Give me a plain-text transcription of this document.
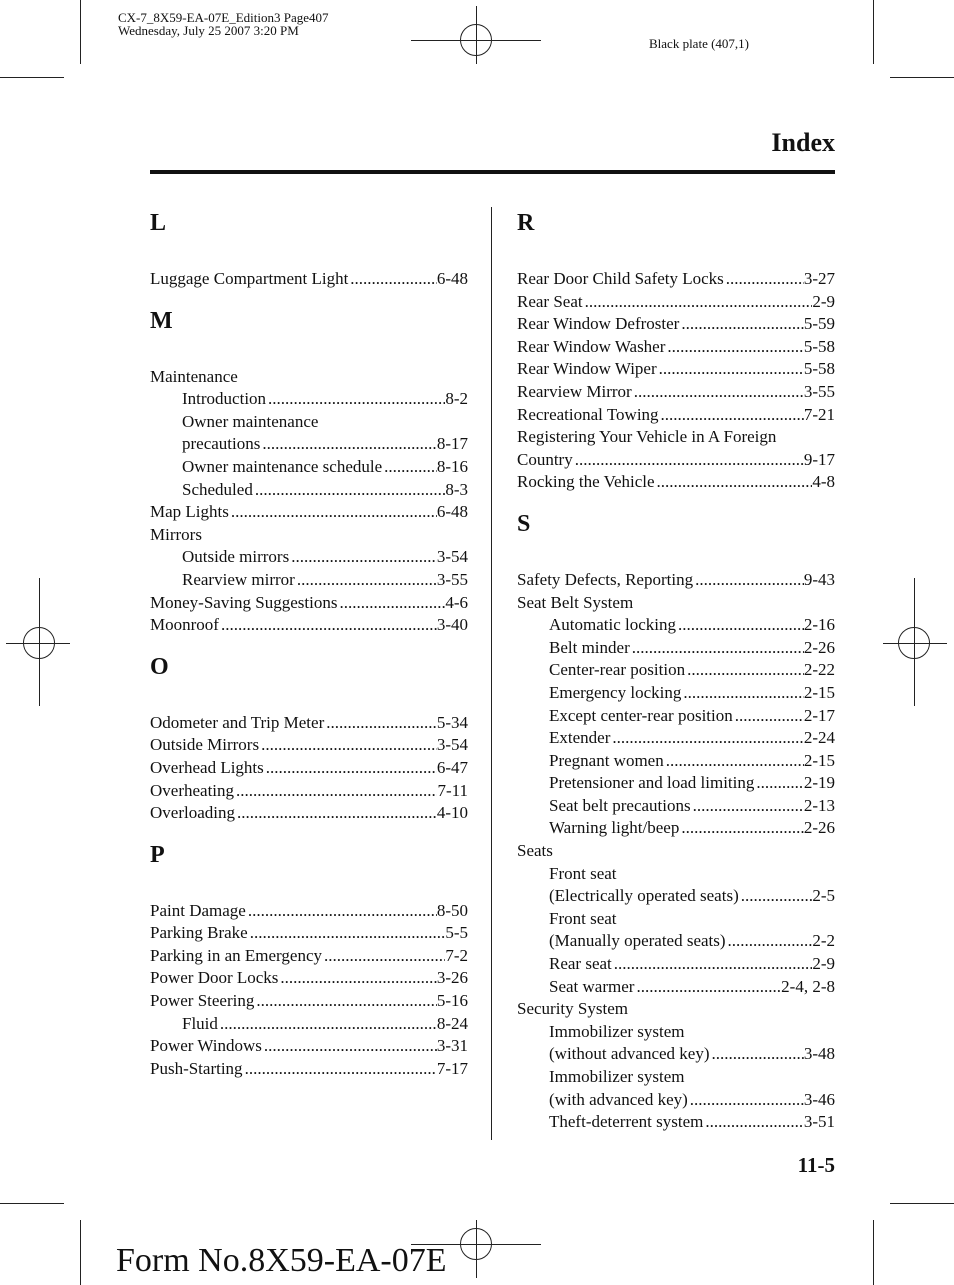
CX-7_8X59-EA-07E_Edition3 Page407
Wednesday, July 25 2007 3:20 PM
Black plate (407,1)
Index
L
Luggage Compartment Light .....	6-48
M
Maintenance
Introduction .....	8-2
Owner maintenance
precautions .....	8-17
Owner maintenance schedule .....	8-16
Scheduled .....	8-3
Map Lights .....	6-48
Mirrors
Outside mirrors .....	3-54
Rearview mirror .....	3-55
Money-Saving Suggestions .....	4-6
Moonroof .....	3-40
O
Odometer and Trip Meter .....	5-34
Outside Mirrors .....	3-54
Overhead Lights .....	6-47
Overheating .....	7-11
Overloading .....	4-10
P
Paint Damage .....	8-50
Parking Brake .....	5-5
Parking in an Emergency .....	7-2
Power Door Locks .....	3-26
Power Steering .....	5-16
Fluid .....	8-24
Power Windows .....	3-31
Push-Starting .....	7-17
R
Rear Door Child Safety Locks .....	3-27
Rear Seat .....	2-9
Rear Window Defroster .....	5-59
Rear Window Washer .....	5-58
Rear Window Wiper .....	5-58
Rearview Mirror .....	3-55
Recreational Towing .....	7-21
Registering Your Vehicle in A Foreign
Country .....	9-17
Rocking the Vehicle .....	4-8
S
Safety Defects, Reporting .....	9-43
Seat Belt System
Automatic locking .....	2-16
Belt minder .....	2-26
Center-rear position .....	2-22
Emergency locking .....	2-15
Except center-rear position .....	2-17
Extender .....	2-24
Pregnant women .....	2-15
Pretensioner and load limiting .....	2-19
Seat belt precautions .....	2-13
Warning light/beep .....	2-26
Seats
Front seat
(Electrically operated seats) .....	2-5
Front seat
(Manually operated seats) .....	2-2
Rear seat .....	2-9
Seat warmer .....	2-4, 2-8
Security System
Immobilizer system
(without advanced key) .....	3-48
Immobilizer system
(with advanced key) .....	3-46
Theft-deterrent system .....	3-51
11-5
Form No.8X59-EA-07E
